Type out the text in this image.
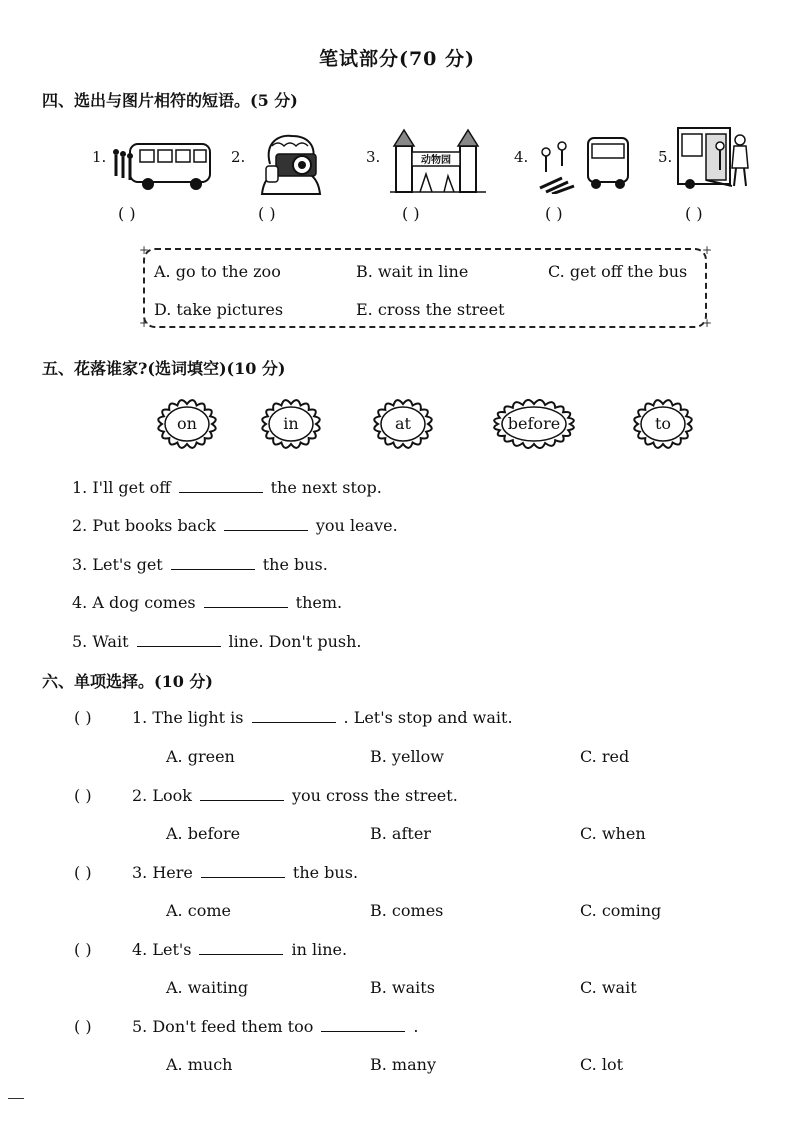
笔试部分(70 分)
四、选出与图片相符的短语。(5 分)
1.	2.	3.	4.	5.
动物园
( )	( )	( )	( )	( )
+	+
+	+
A. go to the zoo	B. wait in line	C. get off the bus
D. take pictures	E. cross the street
五、花落谁家?(选词填空)(10 分)
on	in	at	before	to
1. I'll get off	the next stop.
2. Put books back	you leave.
3. Let's get	the bus.
4. A dog comes	them.
5. Wait	line. Don't push.
六、单项选择。(10 分)
( )	1. The light is	. Let's stop and wait.
A. green	B. yellow	C. red
( )	2. Look	you cross the street.
A. before	B. after	C. when
( )	3. Here	the bus.
A. come	B. comes	C. coming
( )	4. Let's	in line.
A. waiting	B. waits	C. wait
( )	5. Don't feed them too	.
A. much	B. many	C. lot
